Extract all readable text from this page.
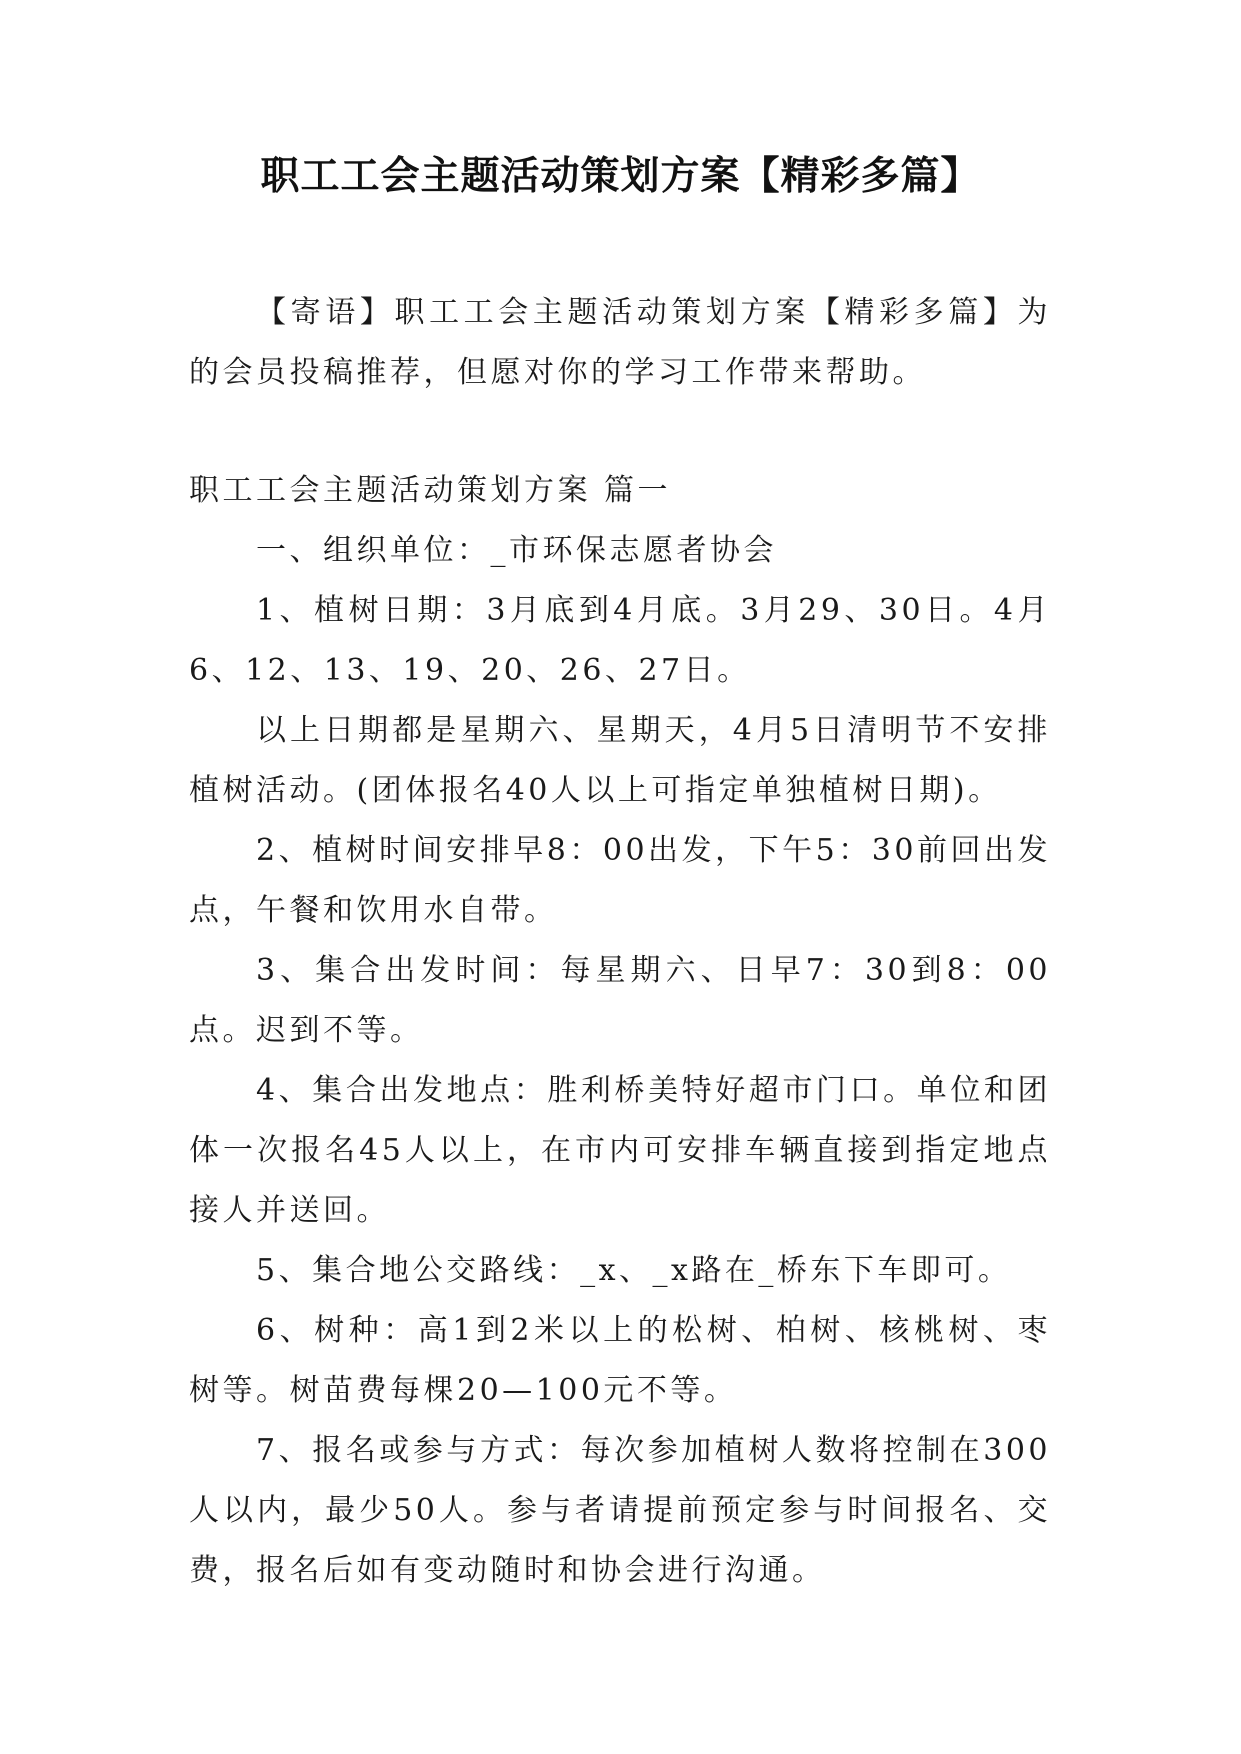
职工工会主题活动策划方案【精彩多篇】

【寄语】职工工会主题活动策划方案【精彩多篇】为的会员投稿推荐，但愿对你的学习工作带来帮助。

职工工会主题活动策划方案 篇一

一、组织单位：_市环保志愿者协会

1、植树日期：3月底到4月底。3月29、30日。4月6、12、13、19、20、26、27日。

以上日期都是星期六、星期天，4月5日清明节不安排植树活动。(团体报名40人以上可指定单独植树日期)。

2、植树时间安排早8：00出发，下午5：30前回出发点，午餐和饮用水自带。

3、集合出发时间：每星期六、日早7：30到8：00点。迟到不等。

4、集合出发地点：胜利桥美特好超市门口。单位和团体一次报名45人以上，在市内可安排车辆直接到指定地点接人并送回。

5、集合地公交路线：_x、_x路在_桥东下车即可。

6、树种：高1到2米以上的松树、柏树、核桃树、枣树等。树苗费每棵20—100元不等。

7、报名或参与方式：每次参加植树人数将控制在300人以内，最少50人。参与者请提前预定参与时间报名、交费，报名后如有变动随时和协会进行沟通。
